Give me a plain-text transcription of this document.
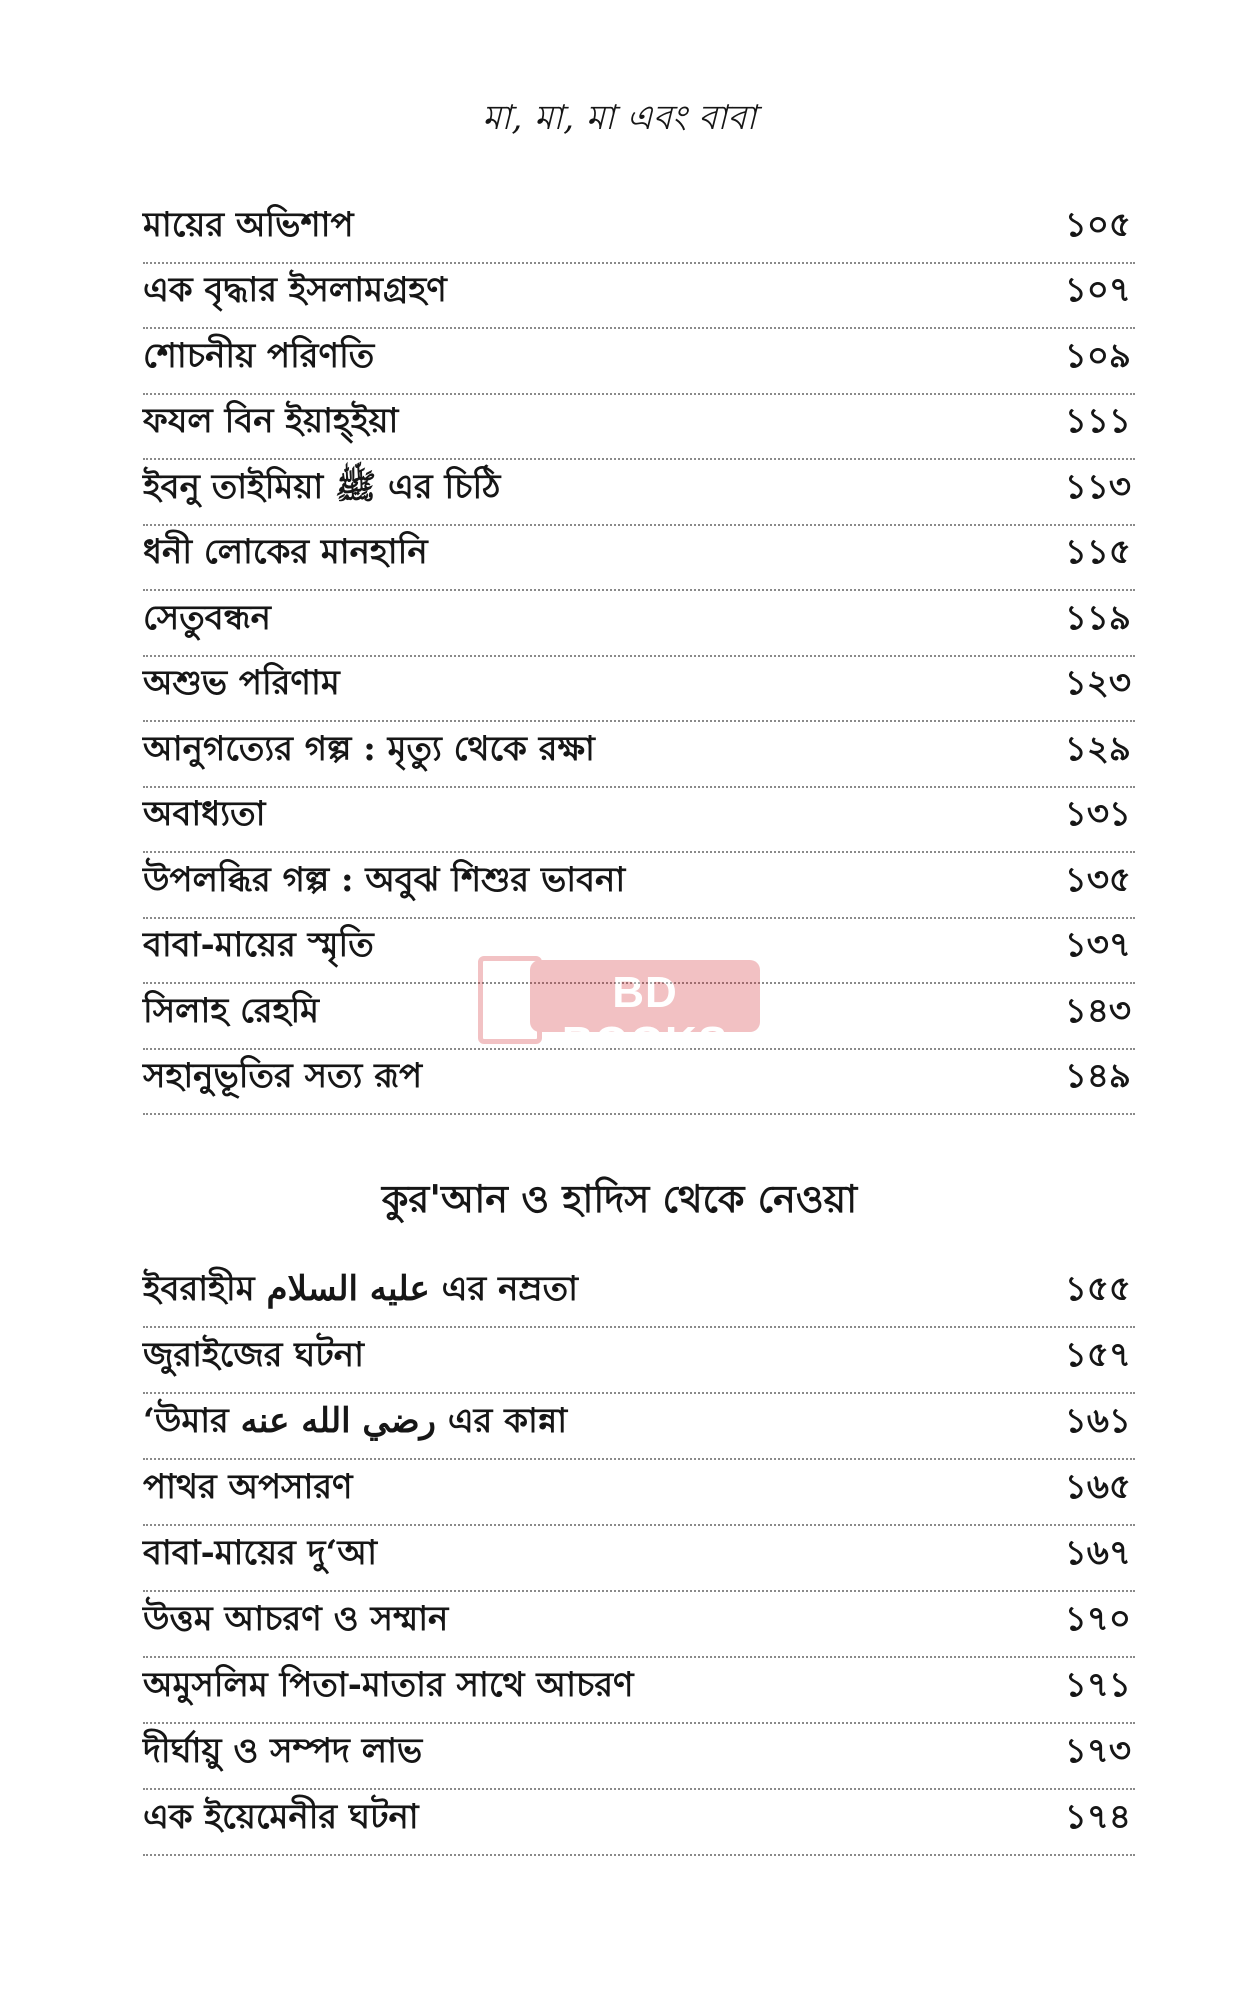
মা, মা, মা এবং বাবা
মায়ের অভিশাপ	১০৫
এক বৃদ্ধার ইসলামগ্রহণ	১০৭
শোচনীয় পরিণতি	১০৯
ফযল বিন ইয়াহ্ইয়া	১১১
ইবনু তাইমিয়া ﷺ এর চিঠি	১১৩
ধনী লোকের মানহানি	১১৫
সেতুবন্ধন	১১৯
অশুভ পরিণাম	১২৩
আনুগত্যের গল্প : মৃত্যু থেকে রক্ষা	১২৯
অবাধ্যতা	১৩১
উপলব্ধির গল্প : অবুঝ শিশুর ভাবনা	১৩৫
বাবা-মায়ের স্মৃতি	১৩৭
সিলাহ রেহমি	১৪৩
সহানুভূতির সত্য রূপ	১৪৯
কুর'আন ও হাদিস থেকে নেওয়া
ইবরাহীম عليه السلام এর নম্রতা	১৫৫
জুরাইজের ঘটনা	১৫৭
‘উমার رضي الله عنه এর কান্না	১৬১
পাথর অপসারণ	১৬৫
বাবা-মায়ের দু‘আ	১৬৭
উত্তম আচরণ ও সম্মান	১৭০
অমুসলিম পিতা-মাতার সাথে আচরণ	১৭১
দীর্ঘায়ু ও সম্পদ লাভ	১৭৩
এক ইয়েমেনীর ঘটনা	১৭৪
BD BOOKS
